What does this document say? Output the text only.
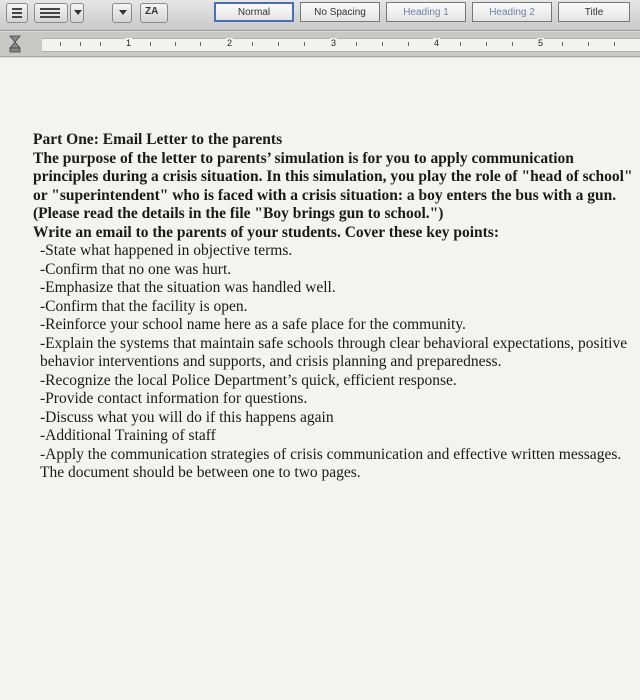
ZA	Normal	No Spacing	Heading 1	Heading 2	Title
1	2	3	4	5

Part One: Email Letter to the parents

The purpose of the letter to parents’ simulation is for you to apply communication principles during a crisis situation. In this simulation, you play the role of "head of school" or "superintendent" who is faced with a crisis situation: a boy enters the bus with a gun. (Please read the details in the file "Boy brings gun to school.")

Write an email to the parents of your students. Cover these key points:

-State what happened in objective terms.

-Confirm that no one was hurt.

-Emphasize that the situation was handled well.

-Confirm that the facility is open.

-Reinforce your school name here as a safe place for the community.

-Explain the systems that maintain safe schools through clear behavioral expectations, positive behavior interventions and supports, and crisis planning and preparedness.

-Recognize the local Police Department’s quick, efficient response.

-Provide contact information for questions.

-Discuss what you will do if this happens again

-Additional Training of staff

-Apply the communication strategies of crisis communication and effective written messages. The document should be between one to two pages.
